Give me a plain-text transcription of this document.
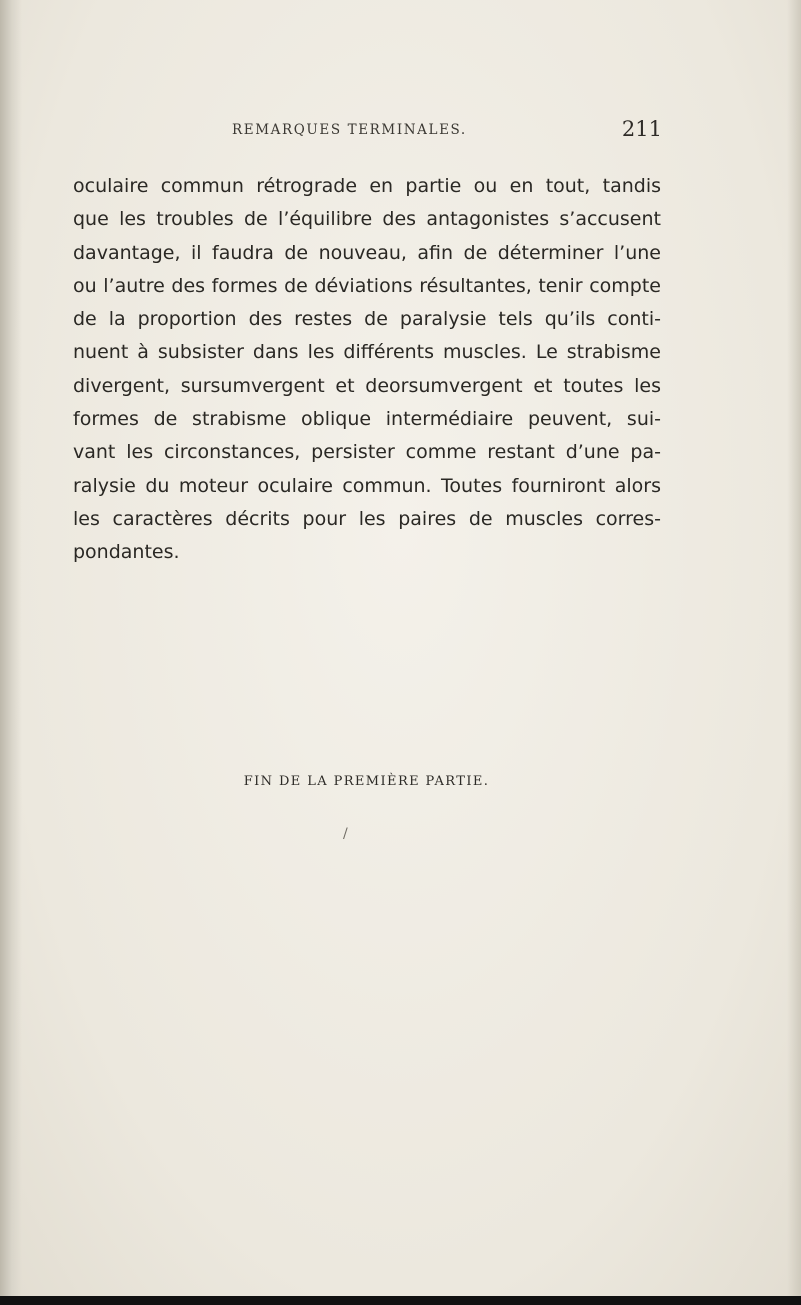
REMARQUES TERMINALES.	211
oculaire commun rétrograde en partie ou en tout, tandis
que les troubles de l’équilibre des antagonistes s’accusent
davantage, il faudra de nouveau, afin de déterminer l’une
ou l’autre des formes de déviations résultantes, tenir compte
de la proportion des restes de paralysie tels qu’ils conti-
nuent à subsister dans les différents muscles. Le strabisme
divergent, sursumvergent et deorsumvergent et toutes les
formes de strabisme oblique intermédiaire peuvent, sui-
vant les circonstances, persister comme restant d’une pa-
ralysie du moteur oculaire commun. Toutes fourniront alors
les caractères décrits pour les paires de muscles corres-
pondantes.
FIN DE LA PREMIÈRE PARTIE.
/
